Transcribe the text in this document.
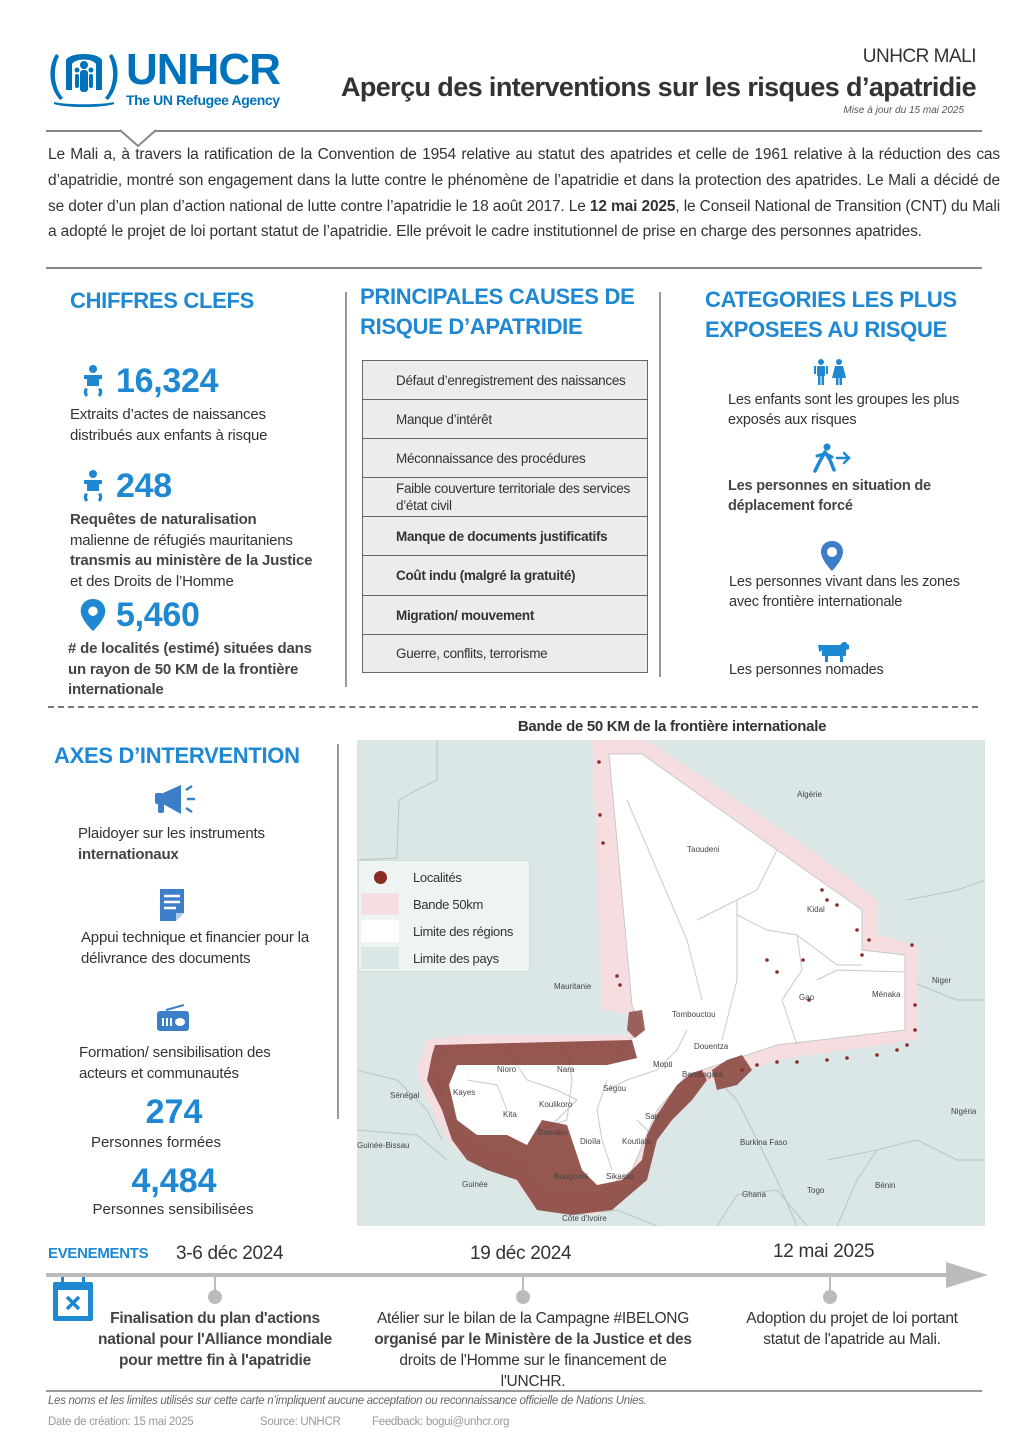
UNHCR
The UN Refugee Agency
UNHCR MALI
Aperçu des interventions sur les risques d’apatridie
Mise à jour du 15 mai 2025
Le Mali a, à travers la ratification de la Convention de 1954 relative au statut des apatrides et celle de 1961 relative à la réduction des cas d’apatridie, montré son engagement dans la lutte contre le phénomène de l’apatridie et dans la protection des apatrides. Le Mali a décidé de se doter d’un plan d’action national de lutte contre l’apatridie le 18 août 2017. Le 12 mai 2025, le Conseil National de Transition (CNT) du Mali a adopté le projet de loi portant statut de l’apatridie. Elle prévoit le cadre institutionnel de prise en charge des personnes apatrides.
CHIFFRES CLEFS
16,324
Extraits d’actes de naissances distribués aux enfants à risque
248
Requêtes de naturalisation
malienne de réfugiés mauritaniens
transmis au ministère de la Justice
et des Droits de l’Homme
5,460
# de localités (estimé) situées dans un rayon de 50 KM de la frontière internationale
PRINCIPALES CAUSES DE
RISQUE D’APATRIDIE
Défaut d’enregistrement des naissances
Manque d’intérêt
Méconnaissance des procédures
Faible couverture territoriale des services d’état civil
Manque de documents justificatifs
Coût indu (malgré la gratuité)
Migration/ mouvement
Guerre, conflits, terrorisme
CATEGORIES LES PLUS
EXPOSEES AU RISQUE
Les enfants sont les groupes les plus exposés aux risques
Les personnes en situation de déplacement forcé
Les personnes vivant dans les zones avec frontière internationale
Les personnes nomades
AXES D’INTERVENTION
Plaidoyer sur les instruments
internationaux
Appui technique et financier pour la délivrance des documents
Formation/ sensibilisation des acteurs et communautés
274
Personnes formées
4,484
Personnes sensibilisées
Bande de 50 KM de la frontière internationale
Algérie
Mauritanie
Niger
Sénégal
Guinée-Bissau
Guinée
Côte d'Ivoire
Burkina Faso
Ghana	Togo
Bénin
Nigéria
Tombouctou
Kidal
Gao	Ménaka
Douentza
Mopti
Bandiagara
Ségou
San
Koutiala
Sikasso
Bougouni
Dioïla
Bamako
Koulikoro
Kita
Kayes
Nioro	Nara
Taoudeni
Localités
Bande 50km
Limite des régions
Limite des pays
EVENEMENTS 3-6 déc 2024	19 déc 2024	12 mai 2025
Finalisation du plan d'actions
national pour l'Alliance mondiale
pour mettre fin à l'apatridie
Atélier sur le bilan de la Campagne #IBELONG
organisé par le Ministère de la Justice et des
droits de l'Homme sur le financement de
l'UNCHR.
Adoption du projet de loi portant
statut de l'apatride au Mali.
Les noms et les limites utilisés sur cette carte n’impliquent aucune acceptation ou reconnaissance officielle de Nations Unies.
Date de création: 15 mai 2025	Source: UNHCR	Feedback: bogui@unhcr.org
